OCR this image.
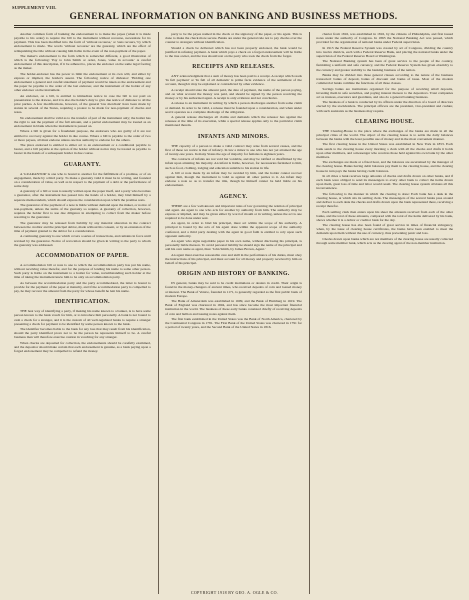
SUPPLEMENT VIII.
GENERAL INFORMATION ON BANKING AND BUSINESS METHODS.

Another common form of banking the endorsement is to make the payee (when it is made payable to his order) to require the bill to the instrument without recourse, necessitate for its payment. This has been modified into the form of 'without recourse,' or 'sans recours,' by which endorsement is made. The words 'without recourse' are the guaranty, which are the effect of relinquishing the title without causing him liable in the event of the non-payment of the paper.

The maker's endorsement is the form which is somewhat different, a good illustration of which is the following: 'Pay to John Smith or order, Jones, value in account.' A careful endorsement of this description, if it be adhered to, places the endorser on the same legal footing as the maker.

The holder-endorser has the power to limit the endorsement at its own will, and either by express or implied, the holder's assent. The following notice of dishonor: 'Holding one endorsement a general and careful statement of payment would be taken as the endorsement and the paper be payable to the order of the last endorser, and the instrument of the holder of any other endorser on the instrument.

An endorser, on a bill, is entitled to immediate notice in case the bill is not paid on presentation to the drawee, and it is also the holder's duty to give due notice of dishonor to all the prior parties. A few modifications, however, of the general 'law merchant' have been made by statute in several of the States, requiring a protest to be made for non-payment of checks and notes.

No endorsement shall be valid as to the transfer of part of the instrument only; the holder has the right to ask the payment of the full amount, and a partial endorsement may be treated as an endorsement in blank when the instrument is passed on.

Where a bill is given for a fraudulent purpose, the endorsers who are guilty of it are not entitled to recovery against the holder in due course. Where a bill is payable to the order of two or more payees, all must endorse unless one has authority to endorse for the others.

The place endorsed is entitled to either act to an endorsement or a conditional payable to bearer, and a bill payable at the option of the holder without notice may be treated as payable to bearer in the hands of a subsequent holder in due course.

GUARANTY.

A 'GUARANTOR' is one who is bound to another for the fulfillment of a promise, or of an engagement, made by a third party. To make a guaranty valid it must be in writing, and founded on a consideration of value, as well as in respect to the payment of a debt or the performance of some duty.

A guaranty of a bill or note is usually written upon the paper itself, and a party who becomes a guarantor, after the instrument has passed into the hands of a holder, may bind himself by a separate memorandum, which should express the consideration upon which the promise rests.

The guarantor of the payment of a note is liable without demand upon the maker, or notice of non-payment, unless the terms of the guaranty so require. A guaranty of collection, however, requires the holder first to use due diligence in attempting to collect from the maker before resorting to the guarantor.

The guarantor may be released from liability by any material alteration in the contract between the creditor and the principal debtor, made without his consent, or by an extension of the time of payment granted to the debtor for a consideration.

A continuing guaranty is one which covers a series of transactions, and remains in force until revoked by the guarantor. Notice of revocation should be given in writing to the party to whom the guaranty was addressed.

ACCOMMODATION OF PAPER.

A accommodation bill or note is one to which the accommodation party has put his name, without receiving value therefor, and for the purpose of lending his name to some other person. Such party is liable on the instrument to a holder for value, notwithstanding such holder at the time of taking the instrument knew him to be only an accommodation party.

As between the accommodation party and the party accommodated, the latter is bound to provide for the payment of the paper at maturity, and if the accommodation party is compelled to pay, he may recover the amount from the party for whose benefit he lent his name.

IDENTIFICATION.

THE best way of identifying a party, if making his name known to a banker, is to have some person known to the bank vouch for him, or to introduce him personally. A bank is not bound to cash a check for a stranger, and it is the custom of all well-regulated banks to require a stranger presenting a check for payment to be identified by some person known to the bank.

The identifier becomes liable to the bank for any loss that may result from his identification, should the party identified prove not to be the person he represents himself to be. A careful business man will therefore exercise caution in vouching for any stranger.

When checks are deposited for collection, the endorsements should be carefully examined, and the depositor should make certain that each endorsement is genuine, as a bank paying upon a forged endorsement may be compelled to refund the money.

party to be the payee named in the check or the signatory of the paper, or his agent. This is done to make the check more secure. Banks are under the general rule not to pay checks over the counter to strangers without identification.

Should a check be delivered which has not been properly endorsed, the bank would be justified in refusing payment. A bank which pays a check on a forged endorsement will be liable to the true owner, and the loss should rest on the party who took the check from the forger.

RECEIPTS AND RELEASES.

ANY acknowledgment that a sum of money has been paid is a receipt. A receipt which reads 'In full payment' or 'In full of all demands' is prima facie evidence of the settlement of the account, though it may be explained or contradicted by other evidence.

A receipt should state the amount paid, the date of payment, the name of the person paying, and on what account the money was paid, and should be signed by the person receiving the money or by his authorized agent. A receipt is only evidence and not conclusive.

A release is an instrument in writing by which a person discharges another from some claim or demand. In order to be valid, a release must be founded upon a consideration, and when under seal it operates as a complete discharge of the obligation.

A general release discharges all claims and demands which the releasor has against the releasee at the time of its execution, while a special release applies only to the particular claim mentioned therein.

INFANTS AND MINORS.

THE capacity of a person to make a valid contract may arise from several causes, and the first of these we notice is that of infancy. In law a minor is one who has not yet attained the age of twenty-one years. In many States the age of majority for females is eighteen years.

The contracts of infants are not void but voidable, and may be ratified or disaffirmed by the infant upon attaining his majority. An infant is liable, however, for necessaries furnished to him, such as food, clothing, lodging and education suitable to his station in life.

A bill or note made by an infant may be avoided by him, and the holder cannot recover against him, though the instrument is valid as against all other parties to it. An infant may endorse a note so as to transfer the title, though he himself cannot be held liable on his endorsement.

AGENCY.

THERE are a few well-known and important rules of law governing the relation of principal and agent. An agent is one who acts for another by authority from him. The authority may be express or implied, and may be given either by word of mouth or in writing, unless the act is one required to be done under seal.

An agent, in order to bind his principal, must act within the scope of his authority. A principal is bound by the acts of his agent done within the apparent scope of the authority conferred, and a third party dealing with the agent in good faith is entitled to rely upon such apparent authority.

An agent who signs negotiable paper in his own name, without disclosing his principal, is personally liable thereon. To avoid personal liability he should sign the name of the principal and add his own name as agent, thus: 'John Smith, by James Brown, Agent.'

An agent must exercise reasonable care and skill in the performance of his duties, must obey the instructions of his principal, and must account for all money and property received by him on behalf of his principal.

ORIGIN AND HISTORY OF BANKING.

IN general, banks may be said to be credit institutions or dealers in credit. Their origin is found in the money-changers of ancient times, who received deposits of coin and loaned money at interest. The Bank of Venice, founded in 1171, is generally regarded as the first public bank of modern Europe.

The Bank of Amsterdam was established in 1609, and the Bank of Hamburg in 1619. The Bank of England was chartered in 1694, and has since become the most important financial institution in the world. The business of these early banks consisted chiefly of receiving deposits of coin and bullion and issuing notes against them.

The first bank established in the United States was the Bank of North America, chartered by the Continental Congress in 1781. The First Bank of the United States was chartered in 1791 for a period of twenty years, and the Second Bank of the United States in 1816.

charter from 1816, was established in 1816, by the citizens of Philadelphia, and first issued notes under the authority of Congress. In 1863 the National Banking Act was passed, which provided for the organization of national banks under Federal supervision.

In 1913 the Federal Reserve System was created by act of Congress, dividing the country into twelve districts, each with a Federal Reserve Bank, and placing the national banks under the supervision of the Federal Reserve Board at Washington.

The National Banking system has been of great service to the people of the country, furnishing a uniform and safe currency, and the Federal Reserve System has given elasticity to the currency and greater stability to the banking business of the nation.

Banks may be divided into three general classes according to the nature of the business transacted: banks of deposit, banks of discount and banks of issue. Most of the modern commercial banks combine the functions of all three classes.

Savings banks are institutions organized for the purpose of receiving small deposits, investing them in safe securities, and paying interest thereon to the depositors. Trust companies act as trustees, executors and guardians, and also do a general banking business.

The business of a bank is conducted by its officers under the direction of a board of directors elected by the stockholders. The principal officers are the president, vice-president and cashier, with such assistants as the business may require.

CLEARING HOUSE.

THE Clearing-House is the place where the exchanges of the banks are made in all the principal cities of the world. The object of the clearing house is to settle the daily balances between the banks with the least possible use of money and in the most convenient manner.

The first clearing house in the United States was established in New York in 1853. Each bank sends to the clearing house every morning a clerk with all the checks and drafts it holds upon other members, and a messenger who receives those held against his own bank by the other members.

The exchanges are made at a fixed hour, and the balances are ascertained by the manager of the clearing house. Banks having debit balances pay them to the clearing house, and the clearing house in turn pays the banks having credit balances.

In all cities a bank receives large amounts of checks and drafts drawn on other banks, and if each bank were obliged to send its messengers to every other bank to collect the items drawn upon them, great loss of time and labor would result. The clearing house system obviates all this inconvenience.

The following is the manner in which the clearing is done: Each bank has a desk in the clearing house, at which sits its settling clerk. The messengers of the several banks pass around and deliver to each desk the checks and drafts drawn upon the bank represented there, receiving a receipt therefor.

Each settling clerk then enters upon his sheet the amounts received from each of the other banks, and the total of these amounts, compared with the total of the items delivered by his bank, shows whether it is a debtor or creditor bank for the day.

The clearing house has also been found of great service in times of financial stringency, when, by the issue of clearing house certificates, the banks have been enabled to meet the demands upon them without the use of currency, thus preventing panic and loss.

Checks drawn upon banks which are not members of the clearing house are usually collected through some member bank, which acts as the clearing agent of the non-member institution.

COPYRIGHT 1918 BY GEO. A. OGLE & CO.
